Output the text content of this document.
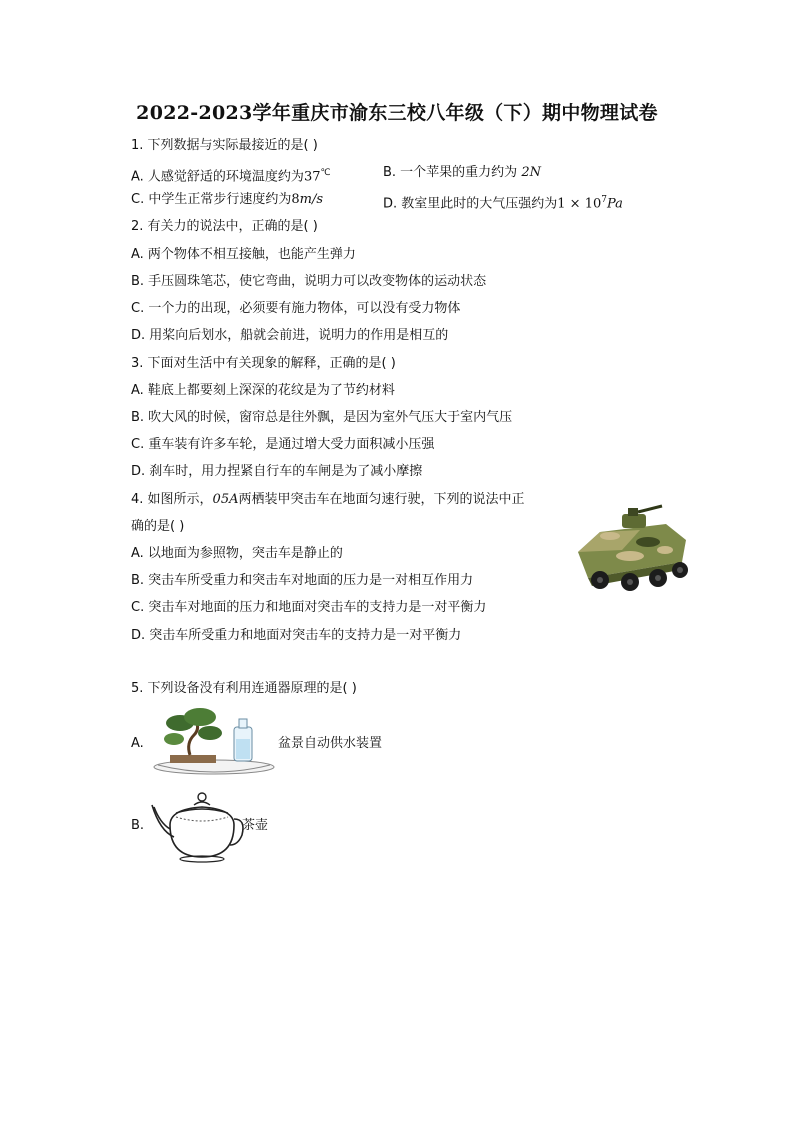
2022-2023学年重庆市渝东三校八年级（下）期中物理试卷
1. 下列数据与实际最接近的是( )
A. 人感觉舒适的环境温度约为37℃	B. 一个苹果的重力约为 2N
C. 中学生正常步行速度约为8m/s	D. 教室里此时的大气压强约为$1 \times 10^7Pa$
2. 有关力的说法中，正确的是( )
A. 两个物体不相互接触，也能产生弹力
B. 手压圆珠笔芯，使它弯曲，说明力可以改变物体的运动状态
C. 一个力的出现，必须要有施力物体，可以没有受力物体
D. 用桨向后划水，船就会前进，说明力的作用是相互的
3. 下面对生活中有关现象的解释，正确的是( )
A. 鞋底上都要刻上深深的花纹是为了节约材料
B. 吹大风的时候，窗帘总是往外飘，是因为室外气压大于室内气压
C. 重车装有许多车轮，是通过增大受力面积减小压强
D. 刹车时，用力捏紧自行车的车闸是为了减小摩擦
4. 如图所示，05A两栖装甲突击车在地面匀速行驶，下列的说法中正
确的是( )
A. 以地面为参照物，突击车是静止的
B. 突击车所受重力和突击车对地面的压力是一对相互作用力
C. 突击车对地面的压力和地面对突击车的支持力是一对平衡力
D. 突击车所受重力和地面对突击车的支持力是一对平衡力
5. 下列设备没有利用连通器原理的是( )
A.	盆景自动供水装置
B.	茶壶
